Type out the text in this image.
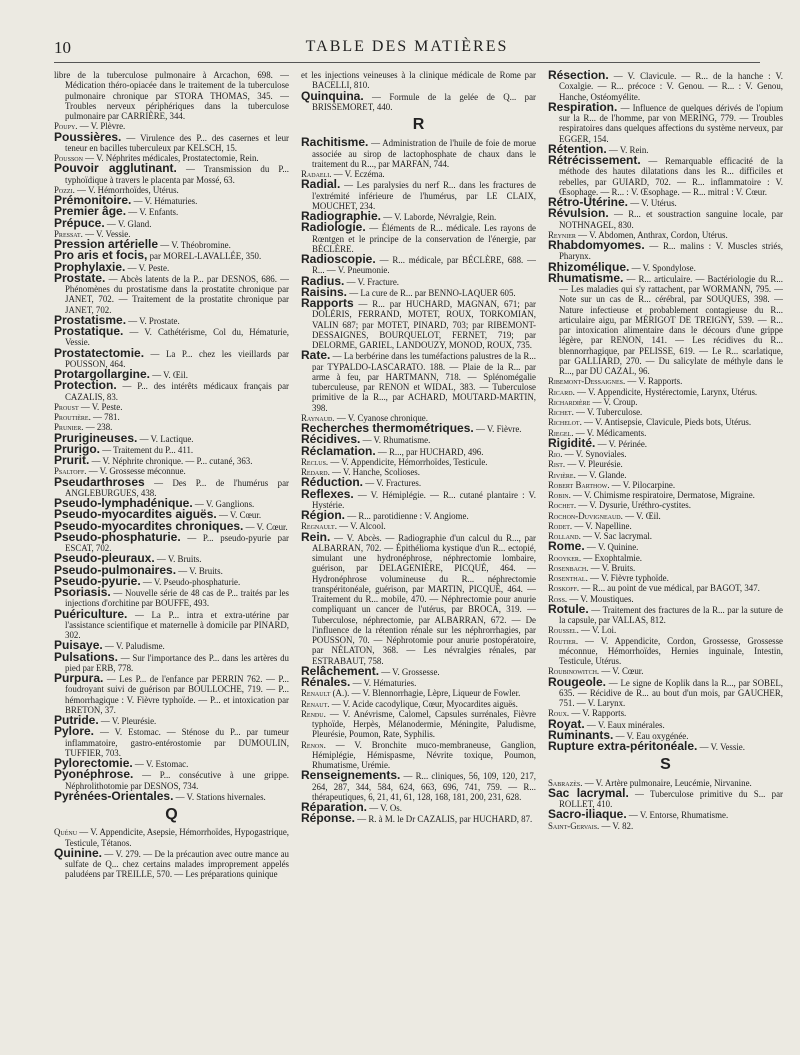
10	TABLE DES MATIÈRES

libre de la tuberculose pulmonaire à Arcachon, 698. — Médication théro-opiacée dans le traitement de la tuberculose pulmonaire chronique par STORA THOMAS, 345. — Troubles nerveux périphériques dans la tuberculose pulmonaire par CARRIÈRE, 344.

Poupy. — V. Plèvre.

Poussières. — Virulence des P... des casernes et leur teneur en bacilles tuberculeux par KELSCH, 15.

Pousson — V. Néphrites médicales, Prostatectomie, Rein.

Pouvoir agglutinant. — Transmission du P... typhoïdique à travers le placenta par Mossé, 63.

Pozzi. — V. Hémorrhoïdes, Utérus.

Prémonitoire. — V. Hématuries.

Premier âge. — V. Enfants.

Prépuce. — V. Gland.

Pressat. — V. Vessie.

Pression artérielle — V. Théobromine.

Pro aris et focis, par MOREL-LAVALLÉE, 350.

Prophylaxie. — V. Peste.

Prostate. — Abcès latents de la P... par DESNOS, 686. — Phénomènes du prostatisme dans la prostatite chronique par JANET, 702. — Traitement de la prostatite chronique par JANET, 702.

Prostatisme. — V. Prostate.

Prostatique. — V. Cathétérisme, Col du, Hématurie, Vessie.

Prostatectomie. — La P... chez les vieillards par POUSSON, 464.

Protargollargine. — V. Œil.

Protection. — P... des intérêts médicaux français par CAZALIS, 83.

Proust — V. Peste.

Proutière. — 781.

Prunier. — 238.

Prurigineuses. — V. Lactique.

Prurigo. — Traitement du P... 411.

Prurit. — V. Néphrite chronique. — P... cutané, 363.

Psaltoff. — V. Grossesse méconnue.

Pseudarthroses — Des P... de l'humérus par ANGLEBURGUES, 438.

Pseudo-lymphadénique. — V. Ganglions.

Pseudo-myocardites aiguës. — V. Cœur.

Pseudo-myocardites chroniques. — V. Cœur.

Pseudo-phosphaturie. — P... pseudo-pyurie par ESCAT, 702.

Pseudo-pleuraux. — V. Bruits.

Pseudo-pulmonaires. — V. Bruits.

Pseudo-pyurie. — V. Pseudo-phosphaturie.

Psoriasis. — Nouvelle série de 48 cas de P... traités par les injections d'orchitine par BOUFFE, 493.

Puériculture. — La P... intra et extra-utérine par l'assistance scientifique et maternelle à domicile par PINARD, 302.

Puisaye. — V. Paludisme.

Pulsations. — Sur l'importance des P... dans les artères du pied par ERB, 778.

Purpura. — Les P... de l'enfance par PERRIN 762. — P... foudroyant suivi de guérison par BOULLOCHE, 719. — P... hémorrhagique : V. Fièvre typhoïde. — P... et intoxication par BRETON, 37.

Putride. — V. Pleurésie.

Pylore. — V. Estomac. — Sténose du P... par tumeur inflammatoire, gastro-entérostomie par DUMOULIN, TUFFIER, 703.

Pylorectomie. — V. Estomac.

Pyonéphrose. — P... consécutive à une grippe. Néphrolithotomie par DESNOS, 734.

Pyrénées-Orientales. — V. Stations hivernales.

Q

Quénu — V. Appendicite, Asepsie, Hémorrhoïdes, Hypogastrique, Testicule, Tétanos.

Quinine. — V. 279. — De la précaution avec outre mance au sulfate de Q... chez certains malades improprement appelés paludéens par TREILLE, 570. — Les préparations quinique

et les injections veineuses à la clinique médicale de Rome par BACELLI, 810.

Quinquina. — Formule de la gelée de Q... par BRISSEMORET, 440.

R

Rachitisme. — Administration de l'huile de foie de morue associée au sirop de lactophosphate de chaux dans le traitement du R..., par MARFAN, 744.

Radaeli. — V. Eczéma.

Radial. — Les paralysies du nerf R... dans les fractures de l'extrémité inférieure de l'humérus, par LE CLAIX, MOUCHET, 234.

Radiographie. — V. Laborde, Névralgie, Rein.

Radiologie. — Éléments de R... médicale. Les rayons de Rœntgen et le principe de la conservation de l'énergie, par BÉCLÈRE.

Radioscopie. — R... médicale, par BÉCLÈRE, 688. — R... — V. Pneumonie.

Radius. — V. Fracture.

Raisins. — La cure de R... par BENNO-LAQUER 605.

Rapports — R... par HUCHARD, MAGNAN, 671; par DOLÉRIS, FERRAND, MOTET, ROUX, TORKOMIAN, VALIN 687; par MOTET, PINARD, 703; par RIBEMONT-DESSAIGNES, BOURQUELOT, FERNET, 719; par DELORME, GARIEL, LANDOUZY, MONOD, ROUX, 735.

Rate. — La berbérine dans les tuméfactions palustres de la R... par TYPALDO-LASCARATO. 188. — Plaie de la R... par arme à feu, par HARTMANN, 718. — Splénomégalie tuberculeuse, par RENON et WIDAL, 383. — Tuberculose primitive de la R..., par ACHARD, MOUTARD-MARTIN, 398.

Raynaud. — V. Cyanose chronique.

Recherches thermométriques. — V. Fièvre.

Récidives. — V. Rhumatisme.

Réclamation. — R..., par HUCHARD, 496.

Reclus. — V. Appendicite, Hémorrhoïdes, Testicule.

Redard. — V. Hanche, Scolioses.

Réduction. — V. Fractures.

Reflexes. — V. Hémiplégie. — R... cutané plantaire : V. Hystérie.

Région. — R... parotidienne : V. Angiome.

Regnault. — V. Alcool.

Rein. — V. Abcès. — Radiographie d'un calcul du R..., par ALBARRAN, 702. — Épithélioma kystique d'un R... ectopié, simulant une hydronéphrose, néphrectomie lombaire, guérison, par DELAGENIÈRE, PICQUÉ, 464. — Hydronéphrose volumineuse du R... néphrectomie transpéritonéale, guérison, par MARTIN, PICQUÉ, 464. — Traitement du R... mobile, 470. — Néphrectomie pour anurie compliquant un cancer de l'utérus, par BROCA, 319. — Tuberculose, néphrectomie, par ALBARRAN, 672. — De l'influence de la rétention rénale sur les néphrorrhagies, par POUSSON, 70. — Néphrotomie pour anurie postopératoire, par NÉLATON, 368. — Les névralgies rénales, par ESTRABAUT, 758.

Relâchement. — V. Grossesse.

Rénales. — V. Hématuries.

Renault (A.). — V. Blennorrhagie, Lèpre, Liqueur de Fowler.

Renaut. — V. Acide cacodylique, Cœur, Myocardites aiguës.

Rendu. — V. Anévrisme, Calomel, Capsules surrénales, Fièvre typhoïde, Herpès, Mélanodermie, Méningite, Paludisme, Pleurésie, Poumon, Rate, Syphilis.

Renon. — V. Bronchite muco-membraneuse, Ganglion, Hémiplégie, Hémispasme, Névrite toxique, Poumon, Rhumatisme, Urémie.

Renseignements. — R... cliniques, 56, 109, 120, 217, 264, 287, 344, 584, 624, 663, 696, 741, 759. — R... thérapeutiques, 6, 21, 41, 61, 128, 168, 181, 200, 231, 628.

Réparation. — V. Os.

Réponse. — R. à M. le Dr CAZALIS, par HUCHARD, 87.

Résection. — V. Clavicule. — R... de la hanche : V. Coxalgie. — R... précoce : V. Genou. — R... : V. Genou, Hanche, Ostéomyélite.

Respiration. — Influence de quelques dérivés de l'opium sur la R... de l'homme, par von MERING, 779. — Troubles respiratoires dans quelques affections du système nerveux, par EGGER, 154.

Rétention. — V. Rein.

Rétrécissement. — Remarquable efficacité de la méthode des hautes dilatations dans les R... difficiles et rebelles, par GUIARD, 702. — R... inflammatoire : V. Œsophage. — R... : V. Œsophage. — R... mitral : V. Cœur.

Rétro-Utérine. — V. Utérus.

Révulsion. — R... et soustraction sanguine locale, par NOTHNAGEL, 830.

Reynier — V. Abdomen, Anthrax, Cordon, Utérus.

Rhabdomyomes. — R... malins : V. Muscles striés, Pharynx.

Rhizomélique. — V. Spondylose.

Rhumatisme. — R... articulaire. — Bactériologie du R... — Les maladies qui s'y rattachent, par WORMANN, 795. — Note sur un cas de R... cérébral, par SOUQUES, 398. — Nature infectieuse et probablement contagieuse du R... articulaire aigu, par MÉRIGOT DE TREIGNY, 539. — R... par intoxication alimentaire dans le décours d'une grippe légère, par RENON, 141. — Les récidives du R... blennorrhagique, par PELISSE, 619. — Le R... scarlatique, par GALLIARD, 270. — Du salicylate de méthyle dans le R..., par DU CAZAL, 96.

Ribemont-Dessaignes. — V. Rapports.

Ricard. — V. Appendicite, Hystérectomie, Larynx, Utérus.

Richardière — V. Croup.

Richet. — V. Tuberculose.

Richelot. — V. Antisepsie, Clavicule, Pieds bots, Utérus.

Riegel. — V. Médicaments.

Rigidité. — V. Périnée.

Rio. — V. Synoviales.

Rist. — V. Pleurésie.

Rivière. — V. Glande.

Robert Barthow. — V. Pilocarpine.

Robin. — V. Chimisme respiratoire, Dermatose, Migraine.

Rochet. — V. Dysurie, Uréthro-cystites.

Rochon-Duvigneaud. — V. Œil.

Rodet. — V. Napelline.

Rolland. — V. Sac lacrymal.

Rome. — V. Quinine.

Rooyker. — Exophtalmie.

Rosenbach. — V. Bruits.

Rosenthal. — V. Fièvre typhoïde.

Roskoff. — R... au point de vue médical, par BAGOT, 347.

Ross. — V. Moustiques.

Rotule. — Traitement des fractures de la R... par la suture de la capsule, par VALLAS, 812.

Roussel. — V. Loi.

Routier. — V. Appendicite, Cordon, Grossesse, Grossesse méconnue, Hémorrhoïdes, Hernies inguinale, Intestin, Testicule, Utérus.

Roubinowitch. — V. Cœur.

Rougeole. — Le signe de Koplik dans la R..., par SOBEL, 635. — Récidive de R... au bout d'un mois, par GAUCHER, 751. — V. Larynx.

Roux. — V. Rapports.

Royat. — V. Eaux minérales.

Ruminants. — V. Eau oxygénée.

Rupture extra-péritonéale. — V. Vessie.

S

Sabrazès. — V. Artère pulmonaire, Leucémie, Nirvanine.

Sac lacrymal. — Tuberculose primitive du S... par ROLLET, 410.

Sacro-iliaque. — V. Entorse, Rhumatisme.

Saint-Gervais. — V. 82.
